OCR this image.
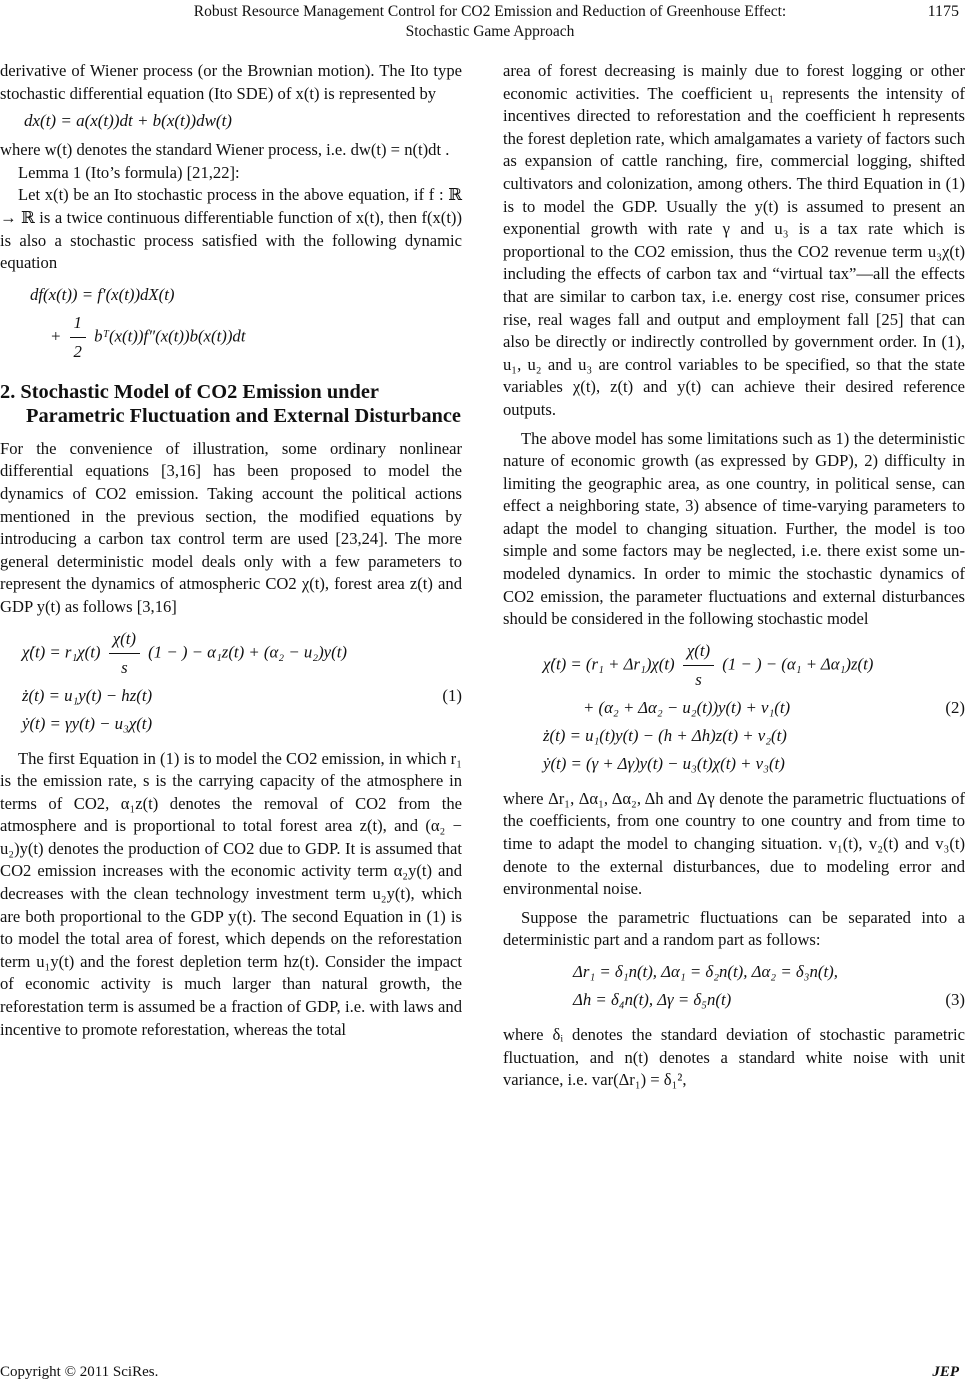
Robust Resource Management Control for CO2 Emission and Reduction of Greenhouse Effect:
Stochastic Game Approach
1175

derivative of Wiener process (or the Brownian motion). The Ito type stochastic differential equation (Ito SDE) of x(t) is represented by

dx(t) = a(x(t))dt + b(x(t))dw(t)

where w(t) denotes the standard Wiener process, i.e. dw(t) = n(t)dt .

Lemma 1 (Ito’s formula) [21,22]:

Let x(t) be an Ito stochastic process in the above equation, if f : ℝ → ℝ is a twice continuous differentiable function of x(t), then f(x(t)) is also a stochastic process satisfied with the following dynamic equation

df(x(t)) = f′(x(t))dX(t)
+ $\frac{1}{2}$ bᵀ(x(t))f″(x(t))b(x(t))dt
2. Stochastic Model of CO2 Emission under Parametric Fluctuation and External Disturbance

For the convenience of illustration, some ordinary nonlinear differential equations [3,16] has been proposed to model the dynamics of CO2 emission. Taking account the political actions mentioned in the previous section, the modified equations by introducing a carbon tax control term are used [23,24]. The more general deterministic model deals only with a few parameters to represent the dynamics of atmospheric CO2 χ(t), forest area z(t) and GDP y(t) as follows [3,16]

χ̇(t) = $r_1\chi(t) \frac{\chi(t)}{s} (1$ − ) − α₁z(t) + (α₂ − u₂)y(t)
ż(t) = u₁y(t) − hz(t)	(1)
ẏ(t) = γy(t) − u₃χ(t)

The first Equation in (1) is to model the CO2 emission, in which r₁ is the emission rate, s is the carrying capacity of the atmosphere in terms of CO2, α₁z(t) denotes the removal of CO2 from the atmosphere and is proportional to total forest area z(t), and (α₂ − u₂)y(t) denotes the production of CO2 due to GDP. It is assumed that CO2 emission increases with the economic activity term α₂y(t) and decreases with the clean technology investment term u₂y(t), which are both proportional to the GDP y(t). The second Equation in (1) is to model the total area of forest, which depends on the reforestation term u₁y(t) and the forest depletion term hz(t). Consider the impact of economic activity is much larger than natural growth, the reforestation term is assumed be a fraction of GDP, i.e. with laws and incentive to promote reforestation, whereas the total

area of forest decreasing is mainly due to forest logging or other economic activities. The coefficient u₁ represents the intensity of incentives directed to reforestation and the coefficient h represents the forest depletion rate, which amalgamates a variety of factors such as expansion of cattle ranching, fire, commercial logging, shifted cultivators and colonization, among others. The third Equation in (1) is to model the GDP. Usually the y(t) is assumed to present an exponential growth with rate γ and u₃ is a tax rate which is proportional to the CO2 emission, thus the CO2 revenue term u₃χ(t) including the effects of carbon tax and “virtual tax”—all the effects that are similar to carbon tax, i.e. energy cost rise, consumer prices rise, real wages fall and output and employment fall [25] that can also be directly or indirectly controlled by government order. In (1), u₁, u₂ and u₃ are control variables to be specified, so that the state variables χ(t), z(t) and y(t) can achieve their desired reference outputs.

The above model has some limitations such as 1) the deterministic nature of economic growth (as expressed by GDP), 2) difficulty in limiting the geographic area, as one country, in political sense, can effect a neighboring state, 3) absence of time-varying parameters to adapt the model to changing situation. Further, the model is too simple and some factors may be neglected, i.e. there exist some un-modeled dynamics. In order to mimic the stochastic dynamics of CO2 emission, the parameter fluctuations and external disturbances should be considered in the following stochastic model

χ̇(t) = $(r_1 + \Delta r_1)\chi(t) \frac{\chi(t)}{s} (1$ − ) − (α₁ + Δα₁)z(t)
+ (α₂ + Δα₂ − u₂(t))y(t) + v₁(t)	(2)
ż(t) = u₁(t)y(t) − (h + Δh)z(t) + v₂(t)
ẏ(t) = (γ + Δγ)y(t) − u₃(t)χ(t) + v₃(t)

where Δr₁, Δα₁, Δα₂, Δh and Δγ denote the parametric fluctuations of the coefficients, from one country to one country and from time to time to adapt the model to changing situation. v₁(t), v₂(t) and v₃(t) denote to the external disturbances, due to modeling error and environmental noise.

Suppose the parametric fluctuations can be separated into a deterministic part and a random part as follows:

Δr₁ = δ₁n(t), Δα₁ = δ₂n(t), Δα₂ = δ₃n(t),
Δh = δ₄n(t), Δγ = δ₅n(t)	(3)

where δᵢ denotes the standard deviation of stochastic parametric fluctuation, and n(t) denotes a standard white noise with unit variance, i.e. var(Δr₁) = δ₁²,

Copyright © 2011 SciRes.	JEP
